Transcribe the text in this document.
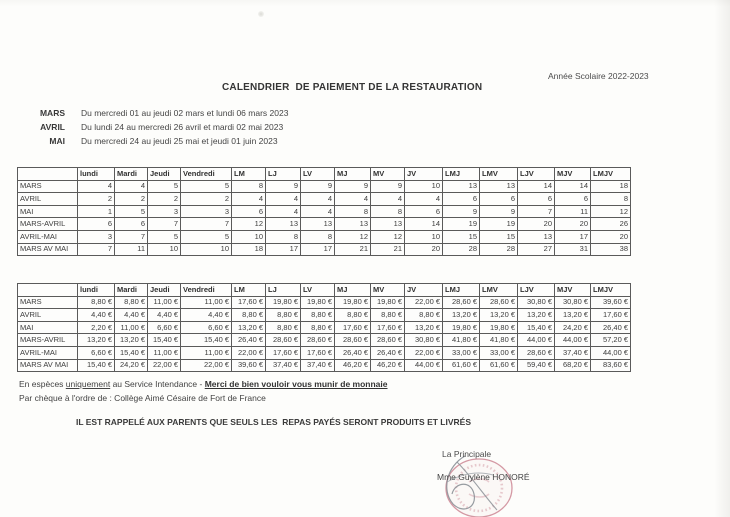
Année Scolaire 2022-2023
CALENDRIER  DE PAIEMENT DE LA RESTAURATION
MARS Du mercredi 01 au jeudi 02 mars et lundi 06 mars 2023
AVRIL Du lundi 24 au mercredi 26 avril et mardi 02 mai 2023
MAI Du mercredi 24 au jeudi 25 mai et jeudi 01 juin 2023
	lundi	Mardi	Jeudi	Vendredi	LM	LJ	LV	MJ	MV	JV	LMJ	LMV	LJV	MJV	LMJV
MARS	4	4	5	5	8	9	9	9	9	10	13	13	14	14	18
AVRIL	2	2	2	2	4	4	4	4	4	4	6	6	6	6	8
MAI	1	5	3	3	6	4	4	8	8	6	9	9	7	11	12
MARS-AVRIL	6	6	7	7	12	13	13	13	13	14	19	19	20	20	26
AVRIL-MAI	3	7	5	5	10	8	8	12	12	10	15	15	13	17	20
MARS AV MAI	7	11	10	10	18	17	17	21	21	20	28	28	27	31	38
	lundi	Mardi	Jeudi	Vendredi	LM	LJ	LV	MJ	MV	JV	LMJ	LMV	LJV	MJV	LMJV
MARS	8,80 €	8,80 €	11,00 €	11,00 €	17,60 €	19,80 €	19,80 €	19,80 €	19,80 €	22,00 €	28,60 €	28,60 €	30,80 €	30,80 €	39,60 €
AVRIL	4,40 €	4,40 €	4,40 €	4,40 €	8,80 €	8,80 €	8,80 €	8,80 €	8,80 €	8,80 €	13,20 €	13,20 €	13,20 €	13,20 €	17,60 €
MAI	2,20 €	11,00 €	6,60 €	6,60 €	13,20 €	8,80 €	8,80 €	17,60 €	17,60 €	13,20 €	19,80 €	19,80 €	15,40 €	24,20 €	26,40 €
MARS-AVRIL	13,20 €	13,20 €	15,40 €	15,40 €	26,40 €	28,60 €	28,60 €	28,60 €	28,60 €	30,80 €	41,80 €	41,80 €	44,00 €	44,00 €	57,20 €
AVRIL-MAI	6,60 €	15,40 €	11,00 €	11,00 €	22,00 €	17,60 €	17,60 €	26,40 €	26,40 €	22,00 €	33,00 €	33,00 €	28,60 €	37,40 €	44,00 €
MARS AV MAI	15,40 €	24,20 €	22,00 €	22,00 €	39,60 €	37,40 €	37,40 €	46,20 €	46,20 €	44,00 €	61,60 €	61,60 €	59,40 €	68,20 €	83,60 €
En espèces uniquement au Service Intendance - Merci de bien vouloir vous munir de monnaie
Par chèque à l'ordre de : Collège Aimé Césaire de Fort de France
IL EST RAPPELÉ AUX PARENTS QUE SEULS LES  REPAS PAYÉS SERONT PRODUITS ET LIVRÉS
La Principale
Mme Guylène HONORÉ
